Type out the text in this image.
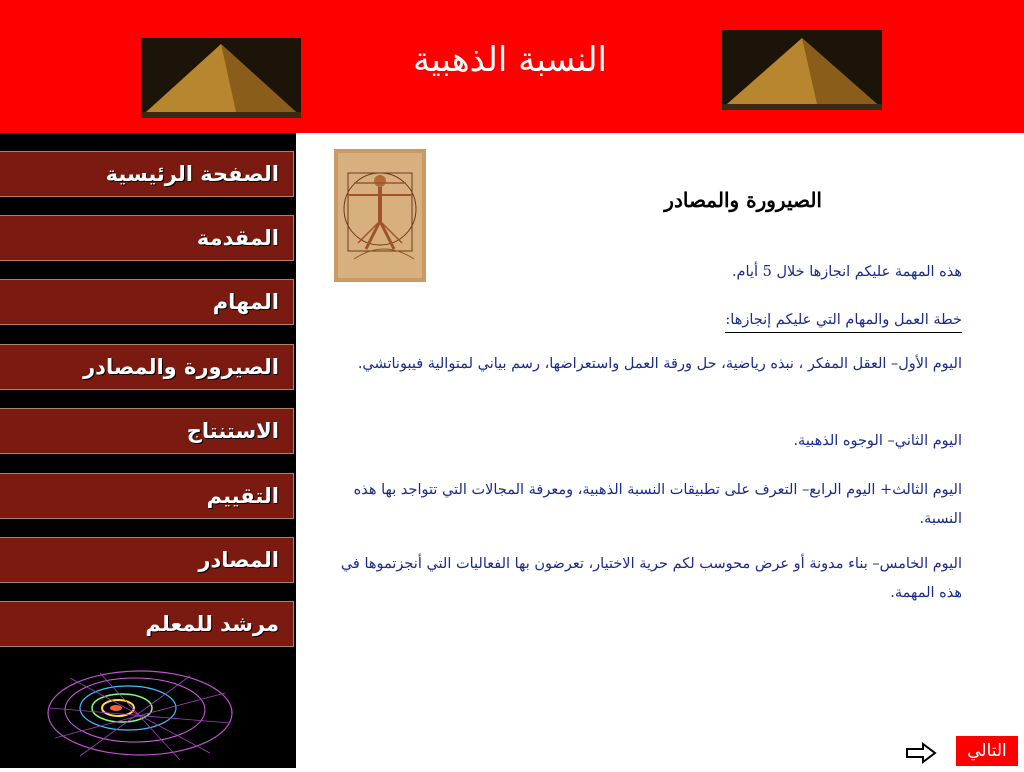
النسبة الذهبية
الصفحة الرئيسية
المقدمة
المهام
الصيرورة والمصادر
الاستنتاج
التقييم
المصادر
مرشد للمعلم
الصيرورة والمصادر
هذه المهمة عليكم انجازها خلال 5 أيام.
خطة العمل والمهام التي عليكم إنجازها:
اليوم الأول– العقل المفكر ، نبذه رياضية، حل ورقة العمل واستعراضها، رسم بياني لمتوالية فيبوناتشي.
اليوم الثاني– الوجوه الذهبية.
اليوم الثالث+ اليوم الرابع– التعرف على تطبيقات النسبة الذهبية، ومعرفة المجالات التي تتواجد بها هذه النسبة.
اليوم الخامس– بناء مدونة أو عرض محوسب لكم حرية الاختيار، تعرضون بها الفعاليات التي أنجزتموها في هذه المهمة.
التالي
